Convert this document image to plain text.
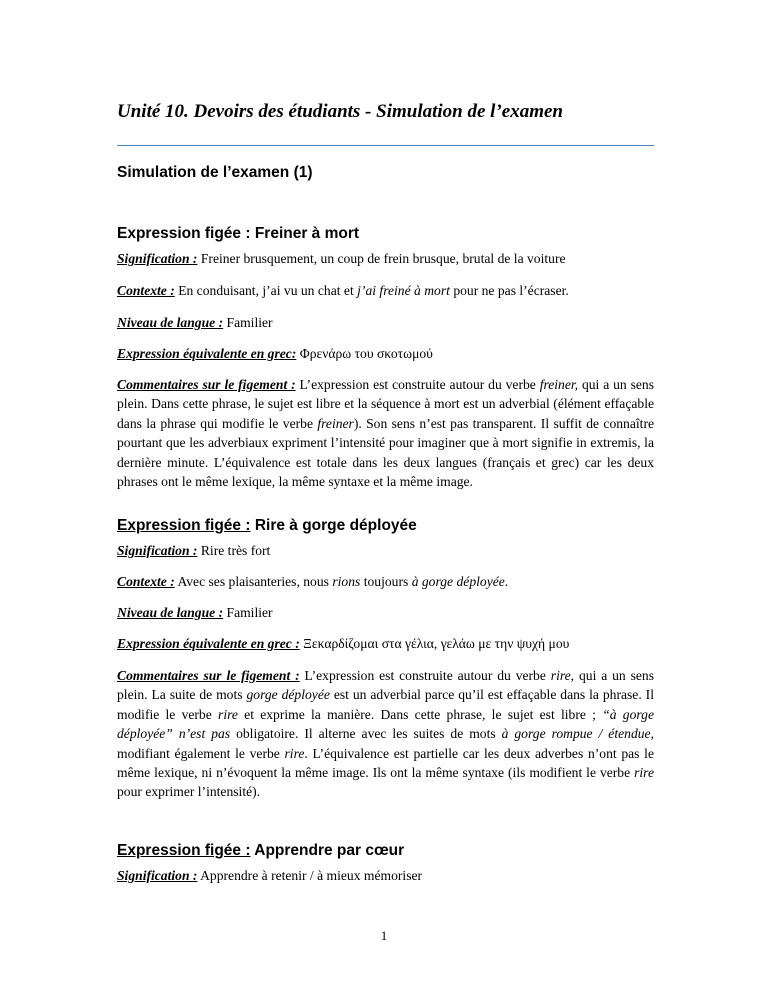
Unité 10. Devoirs des étudiants - Simulation de l’examen
Simulation de l’examen (1)
Expression figée : Freiner à mort
Signification : Freiner brusquement, un coup de frein brusque, brutal de la voiture
Contexte : En conduisant, j’ai vu un chat et j’ai freiné à mort pour ne pas l’écraser.
Niveau de langue : Familier
Expression équivalente en grec: Φρενάρω του σκοτωμού
Commentaires sur le figement : L’expression est construite autour du verbe freiner, qui a un sens plein. Dans cette phrase, le sujet est libre et la séquence à mort est un adverbial (élément effaçable dans la phrase qui modifie le verbe freiner). Son sens n’est pas transparent. Il suffit de connaître pourtant que les adverbiaux expriment l’intensité pour imaginer que à mort signifie in extremis, la dernière minute. L’équivalence est totale dans les deux langues (français et grec) car les deux phrases ont le même lexique, la même syntaxe et la même image.
Expression figée : Rire à gorge déployée
Signification : Rire très fort
Contexte : Avec ses plaisanteries, nous rions toujours à gorge déployée.
Niveau de langue : Familier
Expression équivalente en grec : Ξεκαρδίζομαι στα γέλια, γελάω με την ψυχή μου
Commentaires sur le figement : L’expression est construite autour du verbe rire, qui a un sens plein. La suite de mots gorge déployée est un adverbial parce qu’il est effaçable dans la phrase. Il modifie le verbe rire et exprime la manière. Dans cette phrase, le sujet est libre ; “à gorge déployée” n’est pas obligatoire. Il alterne avec les suites de mots à gorge rompue / étendue, modifiant également le verbe rire. L’équivalence est partielle car les deux adverbes n’ont pas le même lexique, ni n’évoquent la même image. Ils ont la même syntaxe (ils modifient le verbe rire pour exprimer l’intensité).
Expression figée : Apprendre par cœur
Signification : Apprendre à retenir / à mieux mémoriser
1
